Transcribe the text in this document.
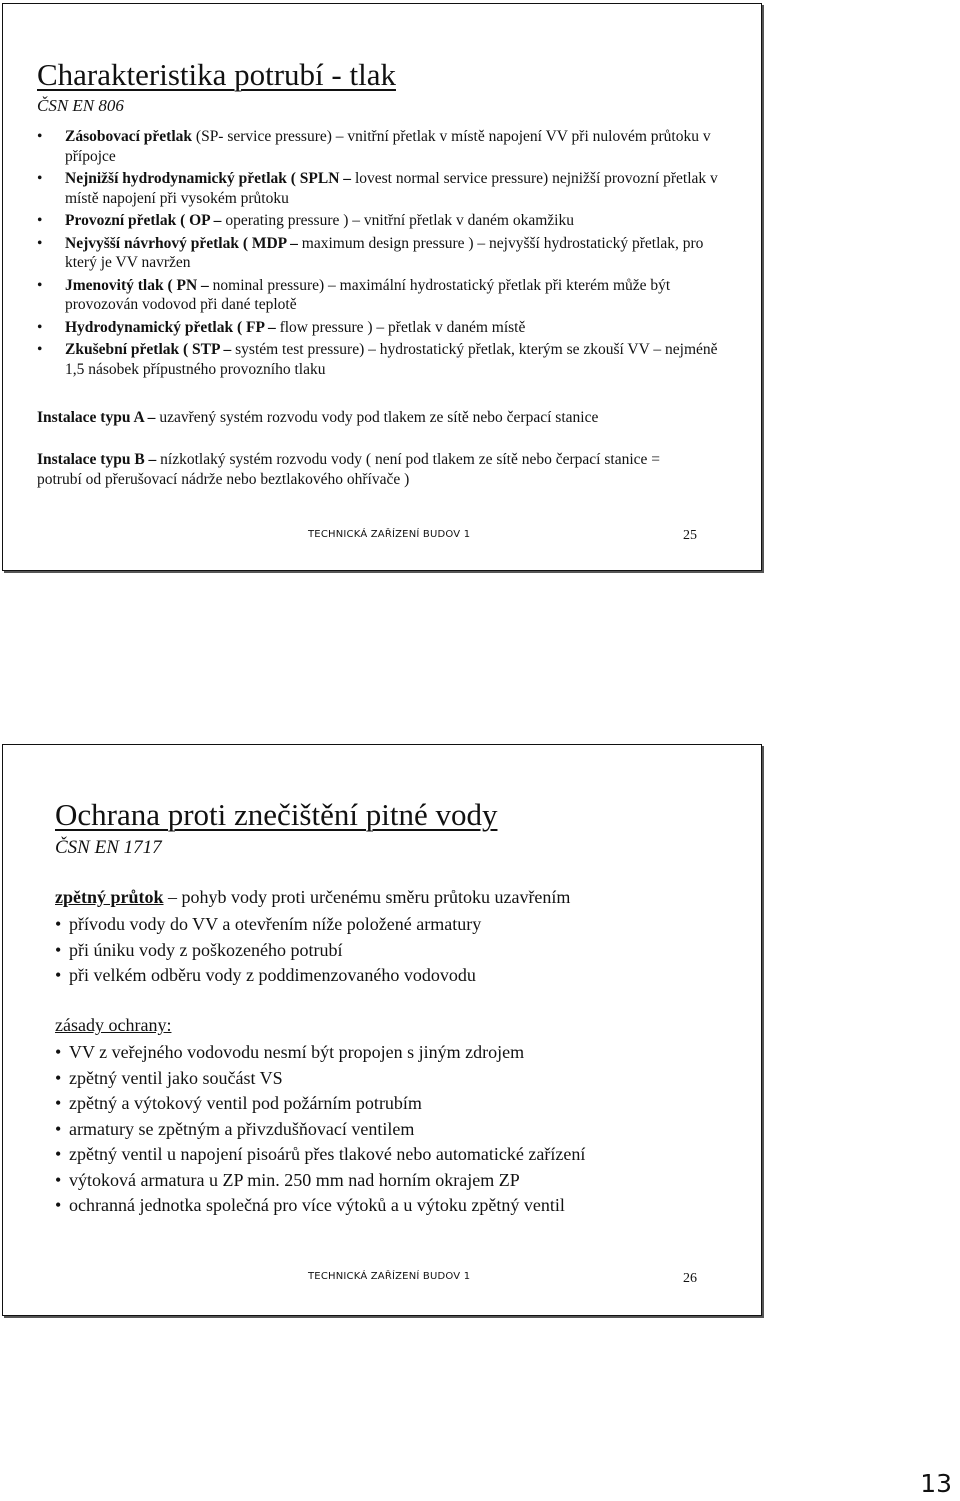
Charakteristika potrubí - tlak
ČSN EN 806
• Zásobovací přetlak (SP- service pressure) – vnitřní přetlak v místě napojení VV při nulovém průtoku v přípojce
• Nejnižší hydrodynamický přetlak ( SPLN – lovest normal service pressure) nejnižší provozní přetlak v místě napojení při vysokém průtoku
• Provozní přetlak ( OP – operating pressure ) – vnitřní přetlak v daném okamžiku
• Nejvyšší návrhový přetlak ( MDP – maximum design pressure ) – nejvyšší hydrostatický přetlak, pro který je VV navržen
• Jmenovitý tlak ( PN – nominal pressure) – maximální hydrostatický přetlak při kterém může být provozován vodovod při dané teplotě
• Hydrodynamický přetlak ( FP – flow pressure ) – přetlak v daném místě
• Zkušební přetlak ( STP – systém test pressure) – hydrostatický přetlak, kterým se zkouší VV – nejméně 1,5 násobek přípustného provozního tlaku
Instalace typu A – uzavřený systém rozvodu vody pod tlakem ze sítě nebo čerpací stanice
Instalace typu B – nízkotlaký systém rozvodu vody ( není pod tlakem ze sítě nebo čerpací stanice = potrubí od přerušovací nádrže nebo beztlakového ohřívače )
TECHNICKÁ ZAŘÍZENÍ BUDOV 1	25
Ochrana proti znečištění pitné vody
ČSN EN 1717
zpětný průtok – pohyb vody proti určenému směru průtoku uzavřením
• přívodu vody do VV a otevřením níže položené armatury
• při úniku vody z poškozeného potrubí
• při velkém odběru vody z poddimenzovaného vodovodu
zásady ochrany:
• VV z veřejného vodovodu nesmí být propojen s jiným zdrojem
• zpětný ventil jako součást VS
• zpětný a výtokový ventil pod požárním potrubím
• armatury se zpětným a přivzdušňovací ventilem
• zpětný ventil u napojení pisoárů přes tlakové nebo automatické zařízení
• výtoková armatura u ZP min. 250 mm nad horním okrajem ZP
• ochranná jednotka společná pro více výtoků a u výtoku zpětný ventil
TECHNICKÁ ZAŘÍZENÍ BUDOV 1	26
13
